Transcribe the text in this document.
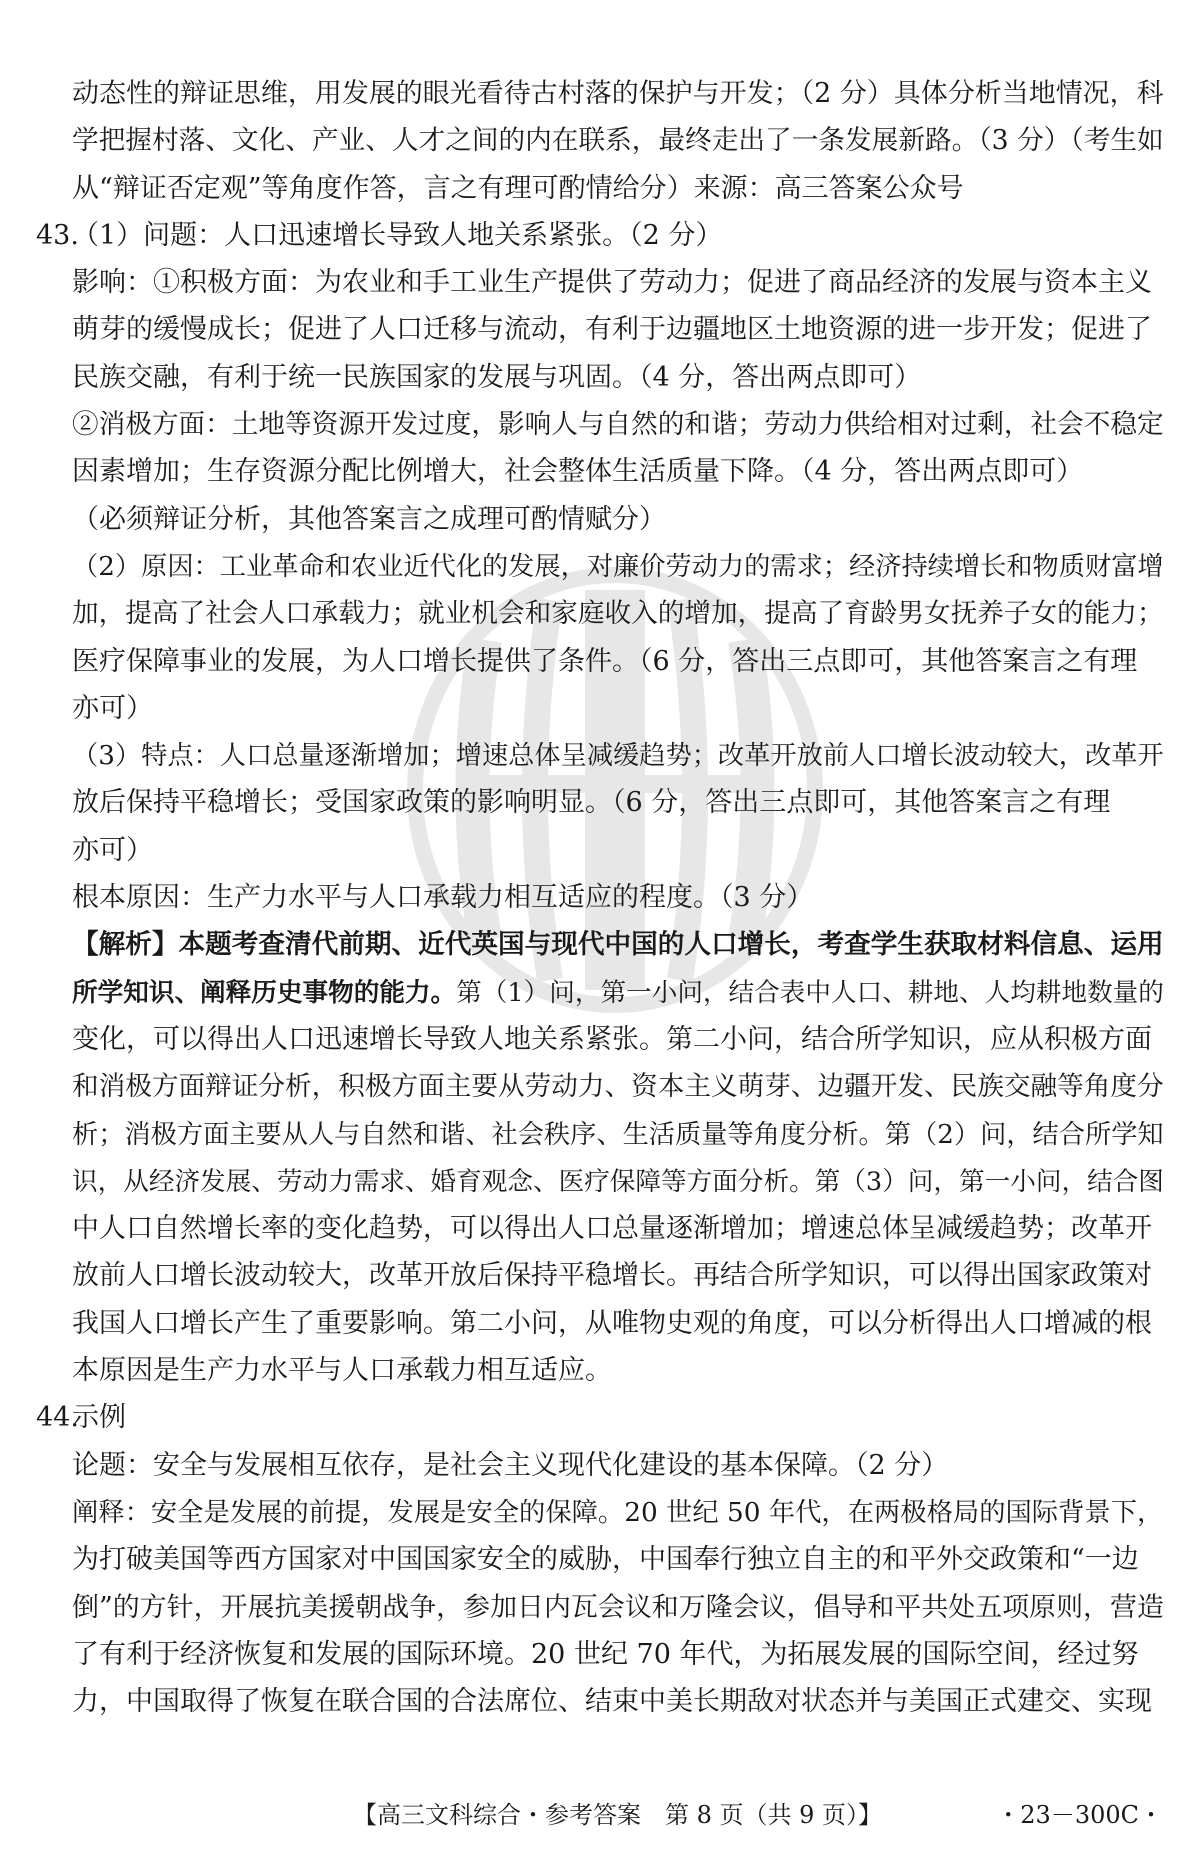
动态性的辩证思维，用发展的眼光看待古村落的保护与开发；（2 分）具体分析当地情况，科
学把握村落、文化、产业、人才之间的内在联系，最终走出了一条发展新路。（3 分）（考生如
从“辩证否定观”等角度作答，言之有理可酌情给分）来源：高三答案公众号
43.
（1）问题：人口迅速增长导致人地关系紧张。（2 分）
影响：①积极方面：为农业和手工业生产提供了劳动力；促进了商品经济的发展与资本主义
萌芽的缓慢成长；促进了人口迁移与流动，有利于边疆地区土地资源的进一步开发；促进了
民族交融，有利于统一民族国家的发展与巩固。（4 分，答出两点即可）
②消极方面：土地等资源开发过度，影响人与自然的和谐；劳动力供给相对过剩，社会不稳定
因素增加；生存资源分配比例增大，社会整体生活质量下降。（4 分，答出两点即可）
（必须辩证分析，其他答案言之成理可酌情赋分）
（2）原因：工业革命和农业近代化的发展，对廉价劳动力的需求；经济持续增长和物质财富增
加，提高了社会人口承载力；就业机会和家庭收入的增加，提高了育龄男女抚养子女的能力；
医疗保障事业的发展，为人口增长提供了条件。（6 分，答出三点即可，其他答案言之有理
亦可）
（3）特点：人口总量逐渐增加；增速总体呈减缓趋势；改革开放前人口增长波动较大，改革开
放后保持平稳增长；受国家政策的影响明显。（6 分，答出三点即可，其他答案言之有理
亦可）
根本原因：生产力水平与人口承载力相互适应的程度。（3 分）
【解析】本题考查清代前期、近代英国与现代中国的人口增长，考查学生获取材料信息、运用
所学知识、阐释历史事物的能力。第（1）问，第一小问，结合表中人口、耕地、人均耕地数量的
变化，可以得出人口迅速增长导致人地关系紧张。第二小问，结合所学知识，应从积极方面
和消极方面辩证分析，积极方面主要从劳动力、资本主义萌芽、边疆开发、民族交融等角度分
析；消极方面主要从人与自然和谐、社会秩序、生活质量等角度分析。第（2）问，结合所学知
识，从经济发展、劳动力需求、婚育观念、医疗保障等方面分析。第（3）问，第一小问，结合图
中人口自然增长率的变化趋势，可以得出人口总量逐渐增加；增速总体呈减缓趋势；改革开
放前人口增长波动较大，改革开放后保持平稳增长。再结合所学知识，可以得出国家政策对
我国人口增长产生了重要影响。第二小问，从唯物史观的角度，可以分析得出人口增减的根
本原因是生产力水平与人口承载力相互适应。
44.
示例
论题：安全与发展相互依存，是社会主义现代化建设的基本保障。（2 分）
阐释：安全是发展的前提，发展是安全的保障。20 世纪 50 年代，在两极格局的国际背景下，
为打破美国等西方国家对中国国家安全的威胁，中国奉行独立自主的和平外交政策和“一边
倒”的方针，开展抗美援朝战争，参加日内瓦会议和万隆会议，倡导和平共处五项原则，营造
了有利于经济恢复和发展的国际环境。20 世纪 70 年代，为拓展发展的国际空间，经过努
力，中国取得了恢复在联合国的合法席位、结束中美长期敌对状态并与美国正式建交、实现
【高三文科综合・参考答案　第 8 页（共 9 页）】	・23－300C・
